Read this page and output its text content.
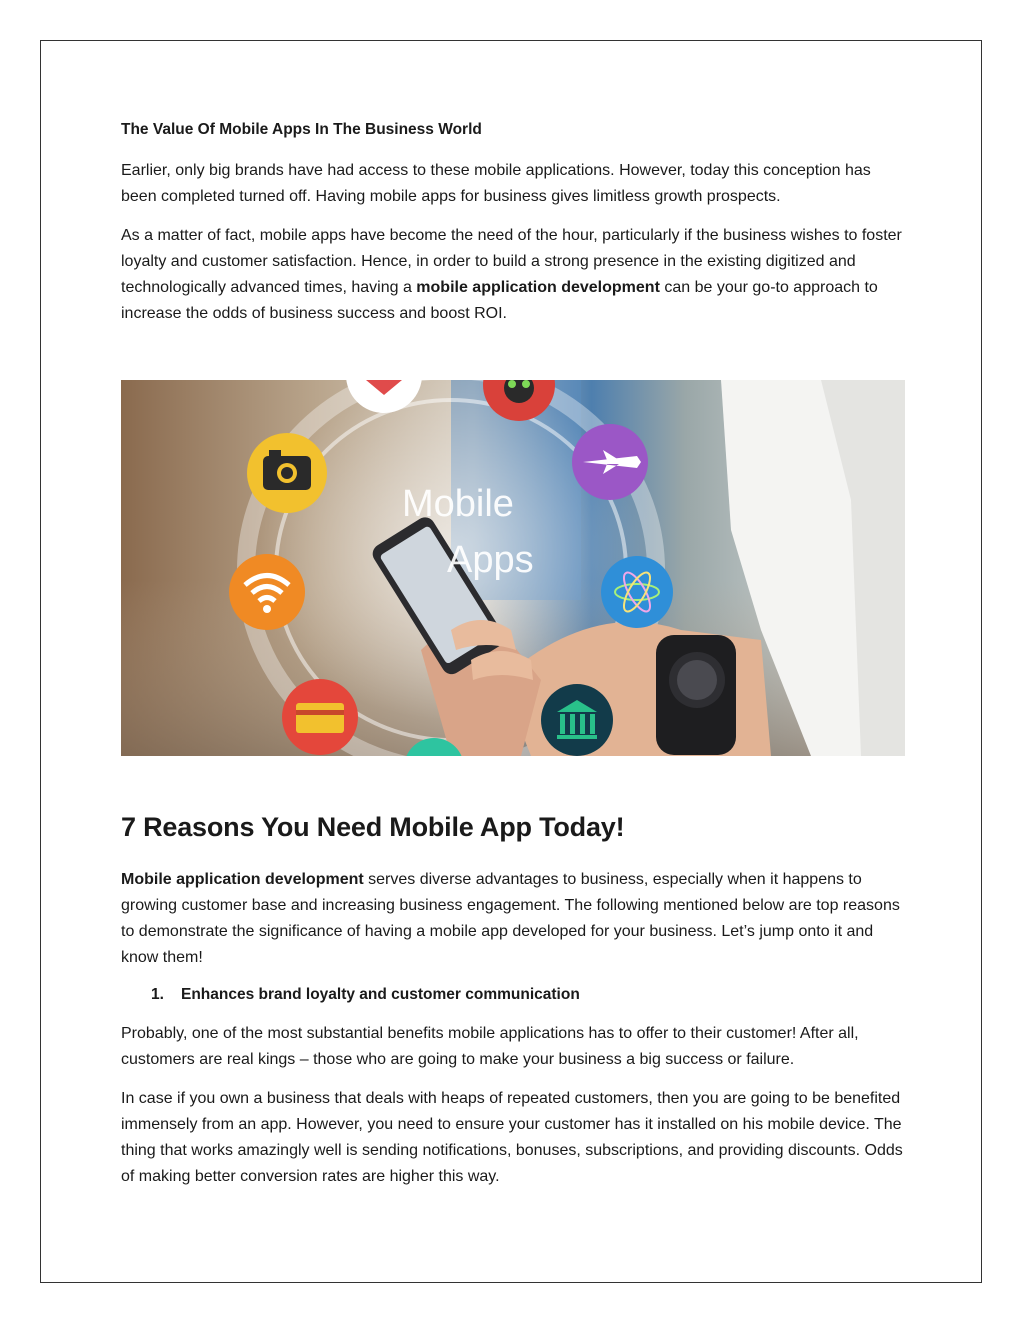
The Value Of Mobile Apps In The Business World

Earlier, only big brands have had access to these mobile applications. However, today this conception has been completed turned off. Having mobile apps for business gives limitless growth prospects.

As a matter of fact, mobile apps have become the need of the hour, particularly if the business wishes to foster loyalty and customer satisfaction. Hence, in order to build a strong presence in the existing digitized and technologically advanced times, having a mobile application development can be your go-to approach to increase the odds of business success and boost ROI.

Mobile
Apps
7 Reasons You Need Mobile App Today!

Mobile application development serves diverse advantages to business, especially when it happens to growing customer base and increasing business engagement. The following mentioned below are top reasons to demonstrate the significance of having a mobile app developed for your business. Let’s jump onto it and know them!

1. Enhances brand loyalty and customer communication

Probably, one of the most substantial benefits mobile applications has to offer to their customer! After all, customers are real kings – those who are going to make your business a big success or failure.

In case if you own a business that deals with heaps of repeated customers, then you are going to be benefited immensely from an app. However, you need to ensure your customer has it installed on his mobile device. The thing that works amazingly well is sending notifications, bonuses, subscriptions, and providing discounts. Odds of making better conversion rates are higher this way.
